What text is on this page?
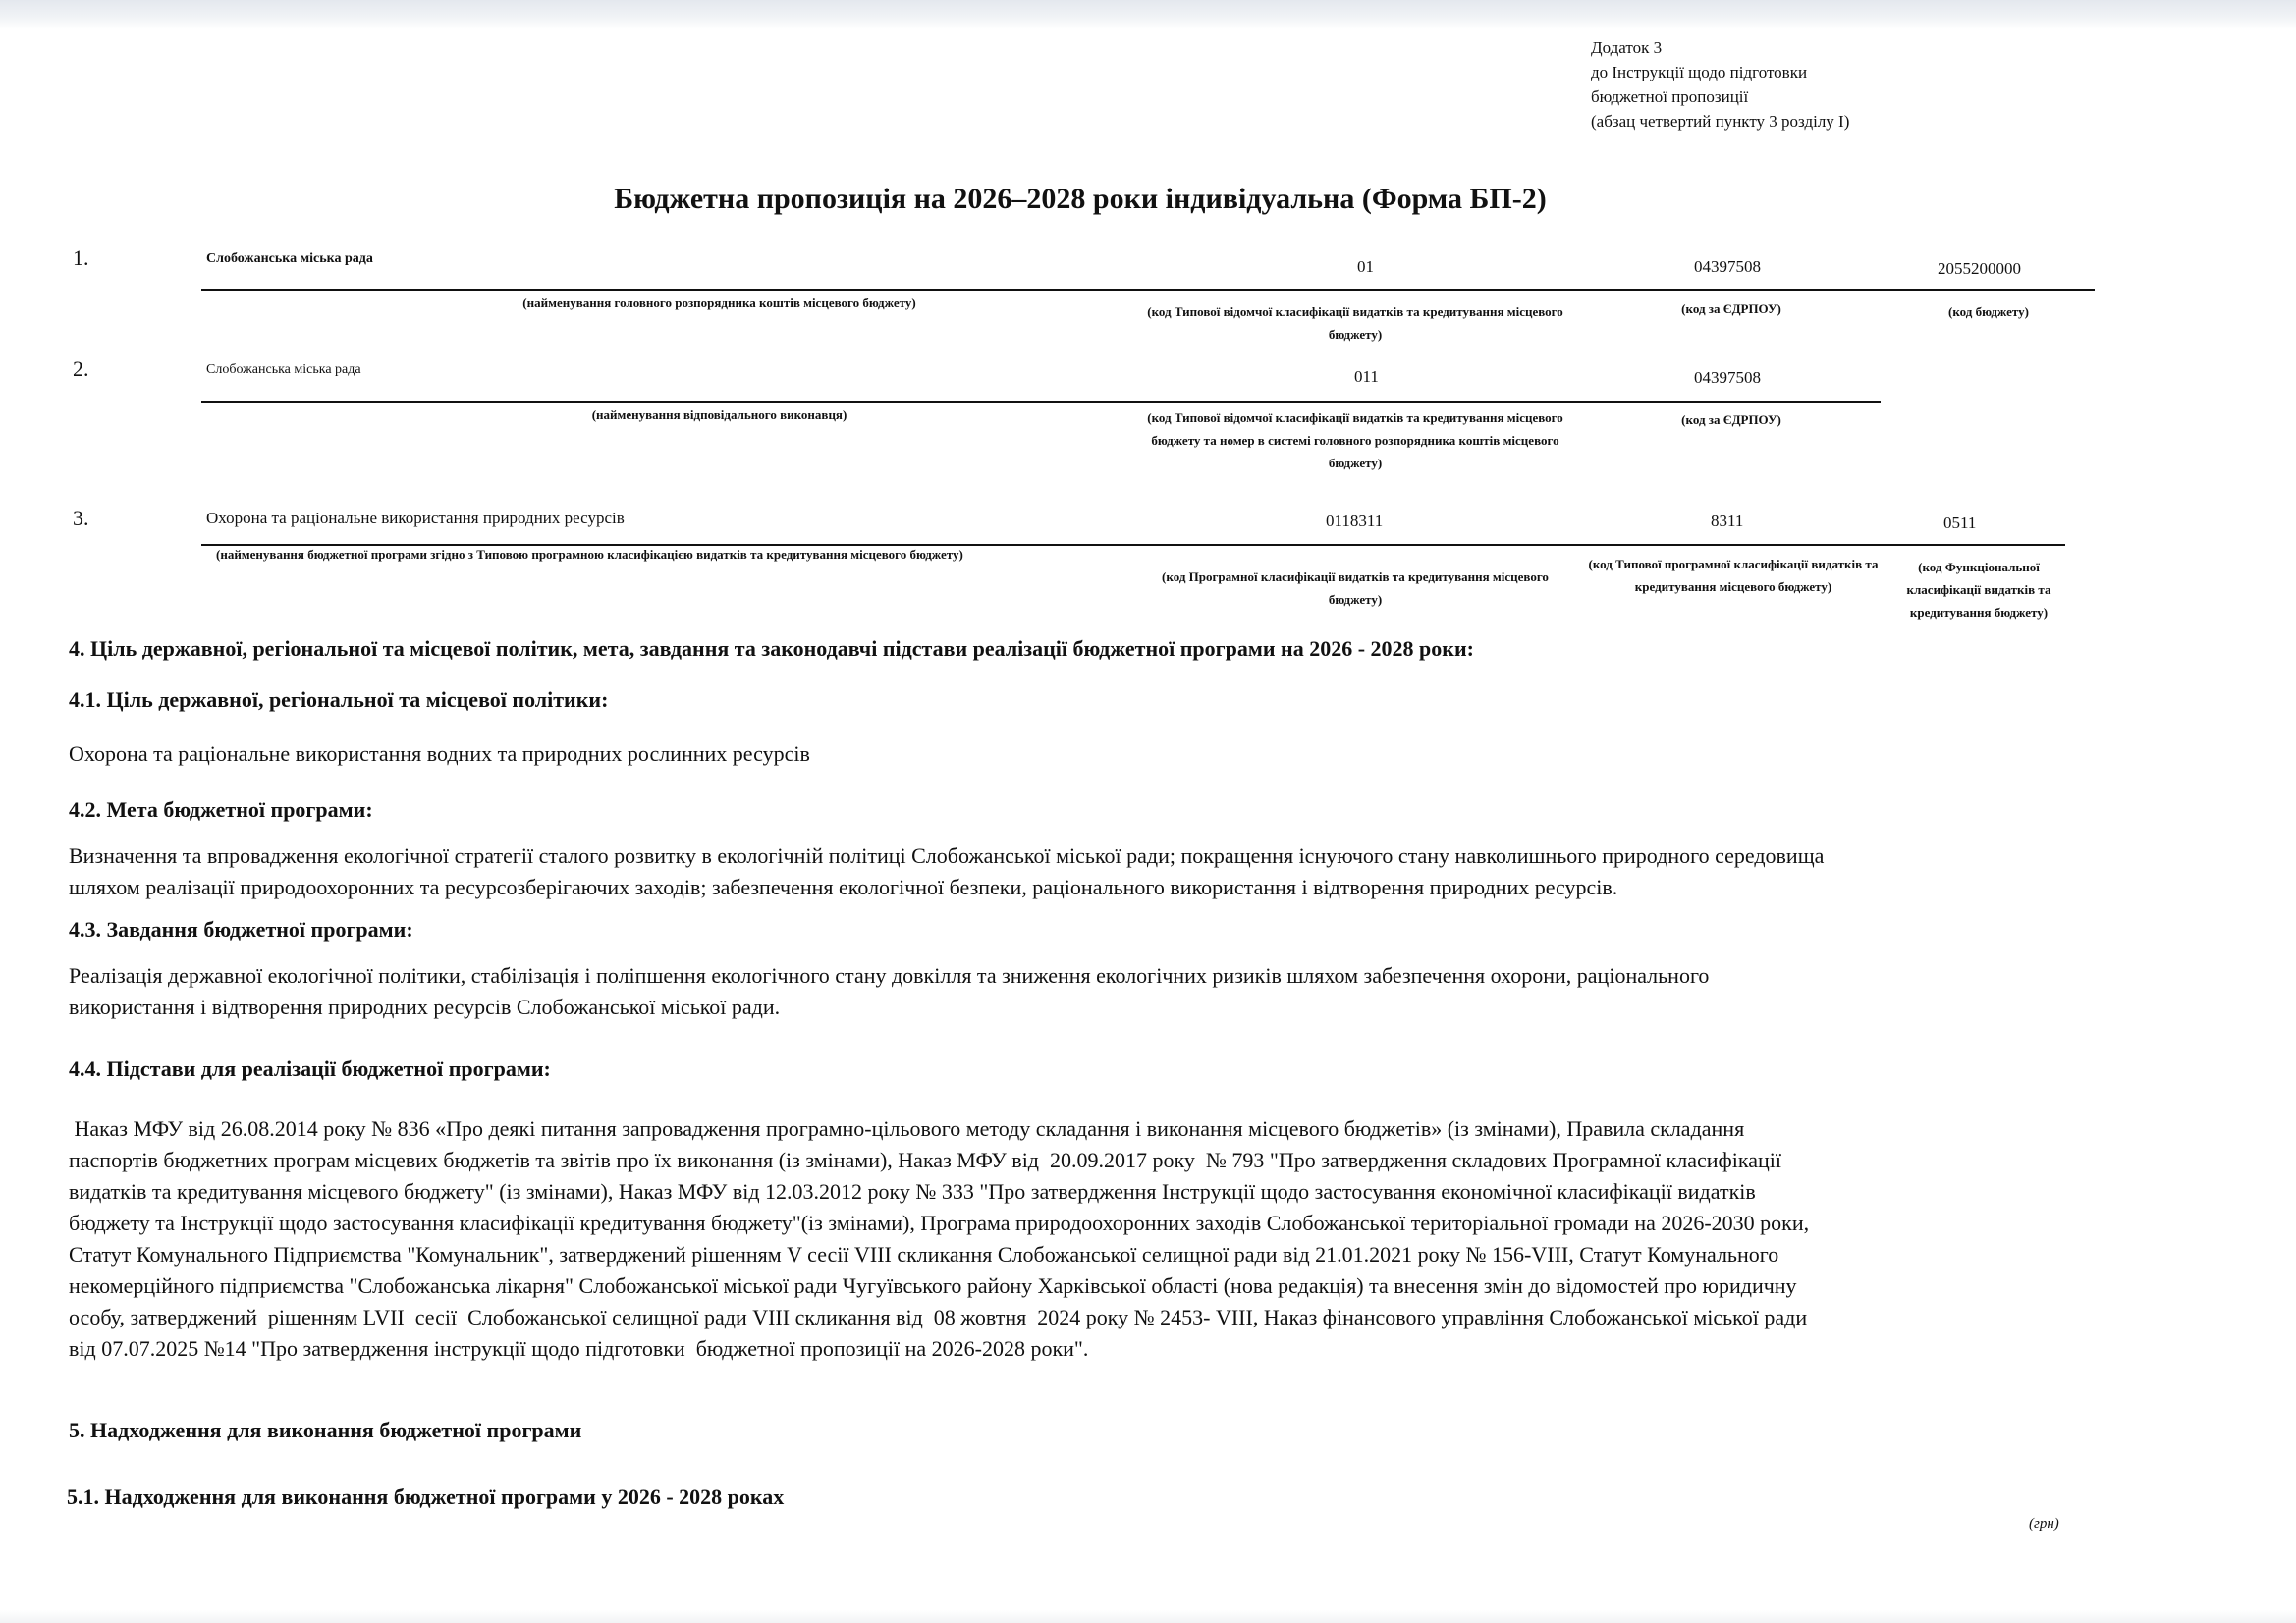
Додаток 3
до Інструкції щодо підготовки
бюджетної пропозиції
(абзац четвертий пункту 3 розділу І)
Бюджетна пропозиція на 2026–2028 роки індивідуальна (Форма БП-2)
1.	Слобожанська міська рада	01	04397508	2055200000
(найменування головного розпорядника коштів місцевого бюджету)
(код Типової відомчої класифікації видатків та кредитування місцевого бюджету)
(код за ЄДРПОУ)	(код бюджету)
2.	Слобожанська міська рада	011	04397508
(найменування відповідального виконавця)	(код Типової відомчої класифікації видатків та кредитування місцевого бюджету та номер в системі головного розпорядника коштів місцевого бюджету)
(код за ЄДРПОУ)
3.	Охорона та раціональне використання природних ресурсів	0118311	8311	0511
(найменування бюджетної програми згідно з Типовою програмною класифікацією видатків та кредитування місцевого бюджету)
(код Програмної класифікації видатків та кредитування місцевого бюджету)
(код Типової програмної класифікації видатків та кредитування місцевого бюджету)
(код Функціональної класифікації видатків та кредитування бюджету)
4. Ціль державної, регіональної та місцевої політик, мета, завдання та законодавчі підстави реалізації бюджетної програми на 2026 - 2028 роки:
4.1. Ціль державної, регіональної та місцевої політики:
Охорона та раціональне використання водних та природних рослинних ресурсів
4.2. Мета бюджетної програми:
Визначення та впровадження екологічної стратегії сталого розвитку в екологічній політиці Слобожанської міської ради; покращення існуючого стану навколишнього природного середовища
шляхом реалізації природоохоронних та ресурсозберігаючих заходів; забезпечення екологічної безпеки, раціонального використання і відтворення природних ресурсів.
4.3. Завдання бюджетної програми:
Реалізація державної екологічної політики, стабілізація і поліпшення екологічного стану довкілля та зниження екологічних ризиків шляхом забезпечення охорони, раціонального
використання і відтворення природних ресурсів Слобожанської міської ради.
4.4. Підстави для реалізації бюджетної програми:
Наказ МФУ від 26.08.2014 року № 836 «Про деякі питання запровадження програмно-цільового методу складання і виконання місцевого бюджетів» (із змінами), Правила складання
паспортів бюджетних програм місцевих бюджетів та звітів про їх виконання (із змінами), Наказ МФУ від  20.09.2017 року  № 793 "Про затвердження складових Програмної класифікації
видатків та кредитування місцевого бюджету" (із змінами), Наказ МФУ від 12.03.2012 року № 333 "Про затвердження Інструкції щодо застосування економічної класифікації видатків
бюджету та Інструкції щодо застосування класифікації кредитування бюджету"(із змінами), Програма природоохоронних заходів Слобожанської територіальної громади на 2026-2030 роки,
Статут Комунального Підприємства "Комунальник", затверджений рішенням V сесії VIII скликання Слобожанської селищної ради від 21.01.2021 року № 156-VIII, Статут Комунального
некомерційного підприємства "Слобожанська лікарня" Слобожанської міської ради Чугуївського району Харківської області (нова редакція) та внесення змін до відомостей про юридичну
особу, затверджений  рішенням LVII  сесії  Слобожанської селищної ради VIII скликання від  08 жовтня  2024 року № 2453- VIII, Наказ фінансового управління Слобожанської міської ради
від 07.07.2025 №14 "Про затвердження інструкції щодо підготовки  бюджетної пропозиції на 2026-2028 роки".
5. Надходження для виконання бюджетної програми
5.1. Надходження для виконання бюджетної програми у 2026 - 2028 роках
(грн)
